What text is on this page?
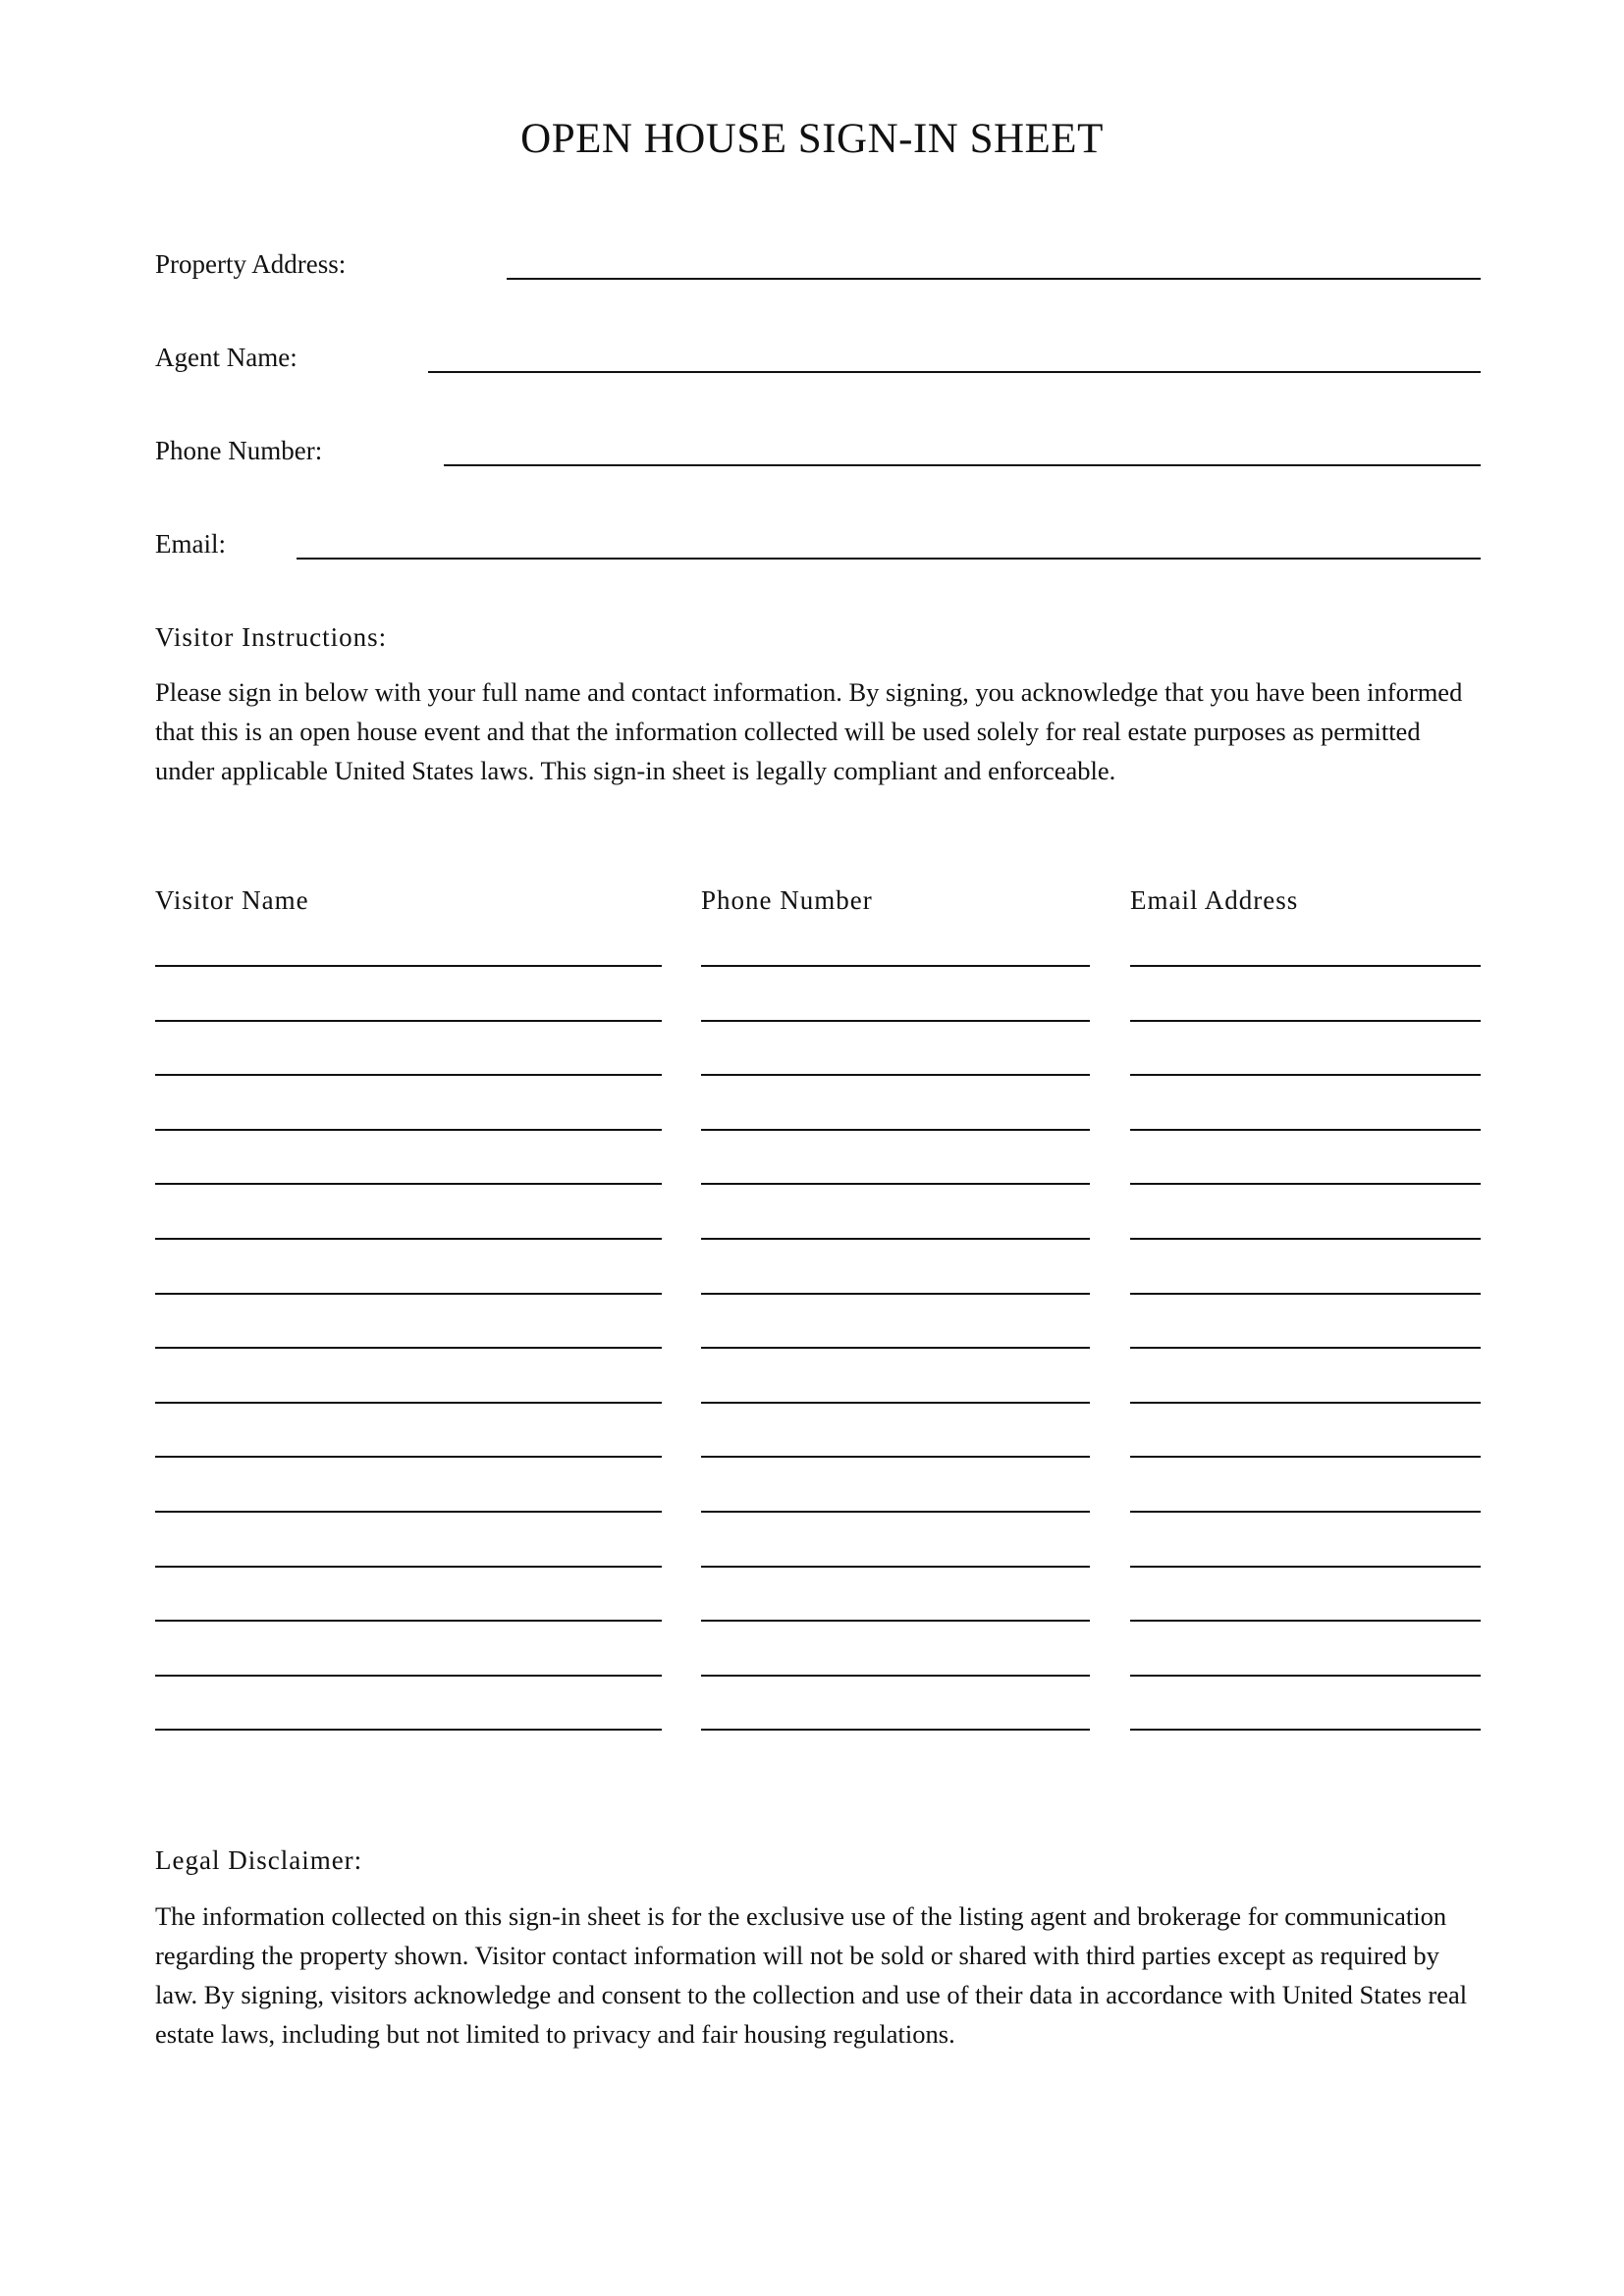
OPEN HOUSE SIGN-IN SHEET
Property Address:
Agent Name:
Phone Number:
Email:
Visitor Instructions:
Please sign in below with your full name and contact information. By signing, you acknowledge that you have been informed that this is an open house event and that the information collected will be used solely for real estate purposes as permitted under applicable United States laws. This sign-in sheet is legally compliant and enforceable.
Visitor Name	Phone Number	Email Address
Legal Disclaimer:
The information collected on this sign-in sheet is for the exclusive use of the listing agent and brokerage for communication regarding the property shown. Visitor contact information will not be sold or shared with third parties except as required by law. By signing, visitors acknowledge and consent to the collection and use of their data in accordance with United States real estate laws, including but not limited to privacy and fair housing regulations.
